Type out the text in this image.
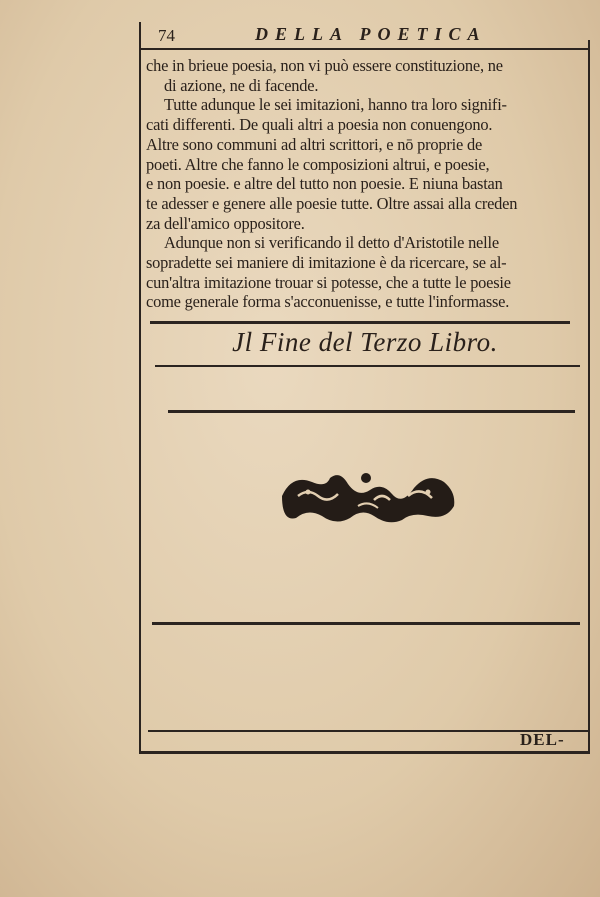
74	DELLA POETICA
che in brieue poesia, non vi può essere constituzione, ne
di azione, ne di facende.
Tutte adunque le sei imitazioni, hanno tra loro signifi-
cati differenti. De quali altri a poesia non conuengono.
Altre sono communi ad altri scrittori, e nō proprie de
poeti. Altre che fanno le composizioni altrui, e poesie,
e non poesie. e altre del tutto non poesie. E niuna bastan
te adesser e genere alle poesie tutte. Oltre assai alla creden
za dell'amico oppositore.
Adunque non si verificando il detto d'Aristotile nelle
sopradette sei maniere di imitazione è da ricercare, se al-
cun'altra imitazione trouar si potesse, che a tutte le poesie
come generale forma s'acconuenisse, e tutte l'informasse.
Jl Fine del Terzo Libro.
DEL-
